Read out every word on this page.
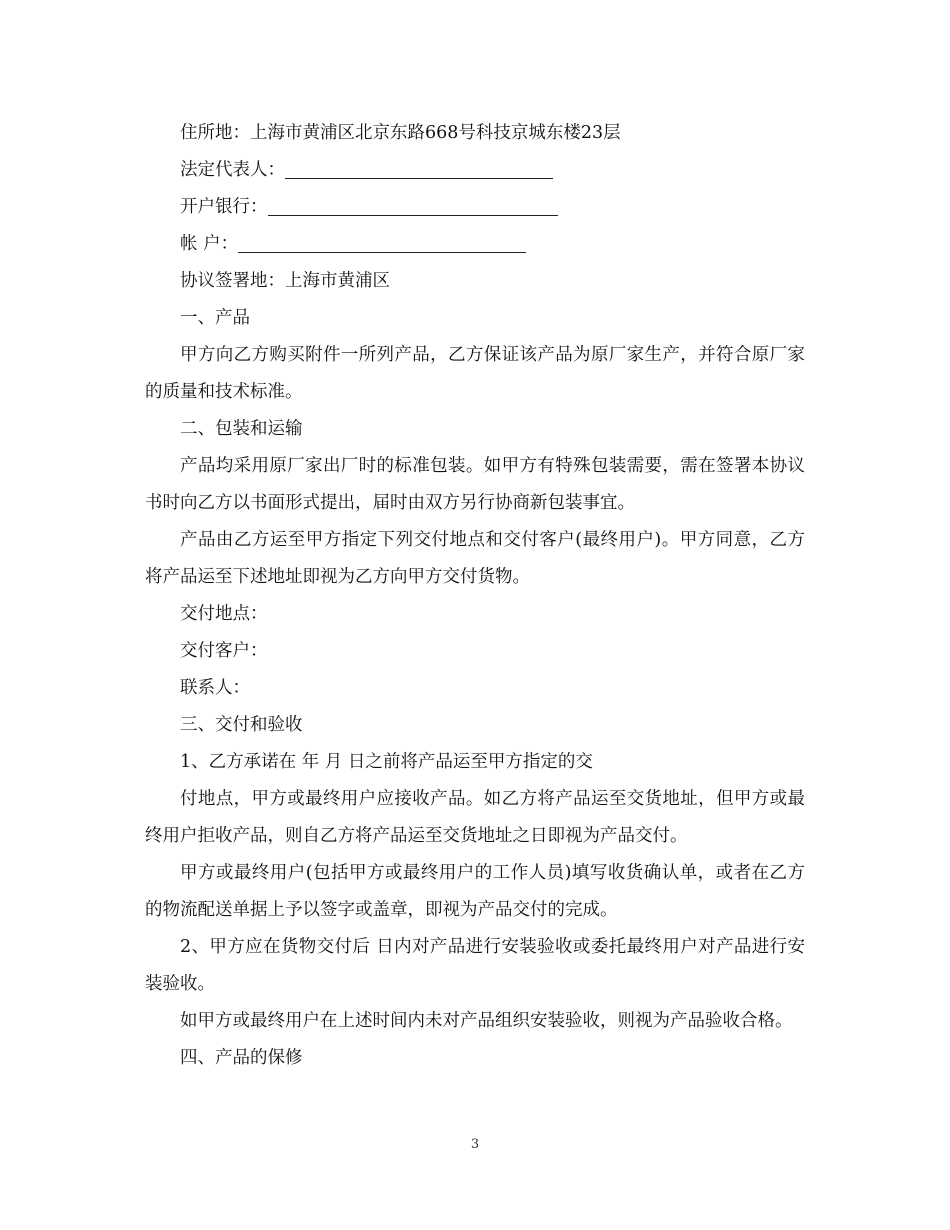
住所地：上海市黄浦区北京东路668号科技京城东楼23层

法定代表人：

开户银行：

帐 户：

协议签署地：上海市黄浦区

一、产品

甲方向乙方购买附件一所列产品，乙方保证该产品为原厂家生产，并符合原厂家的质量和技术标准。

二、包装和运输

产品均采用原厂家出厂时的标准包装。如甲方有特殊包装需要，需在签署本协议书时向乙方以书面形式提出，届时由双方另行协商新包装事宜。

产品由乙方运至甲方指定下列交付地点和交付客户(最终用户)。甲方同意，乙方将产品运至下述地址即视为乙方向甲方交付货物。

交付地点：

交付客户：

联系人：

三、交付和验收

1、乙方承诺在 年 月 日之前将产品运至甲方指定的交

付地点，甲方或最终用户应接收产品。如乙方将产品运至交货地址，但甲方或最终用户拒收产品，则自乙方将产品运至交货地址之日即视为产品交付。

甲方或最终用户(包括甲方或最终用户的工作人员)填写收货确认单，或者在乙方的物流配送单据上予以签字或盖章，即视为产品交付的完成。

2、甲方应在货物交付后 日内对产品进行安装验收或委托最终用户对产品进行安装验收。

如甲方或最终用户在上述时间内未对产品组织安装验收，则视为产品验收合格。

四、产品的保修

3
